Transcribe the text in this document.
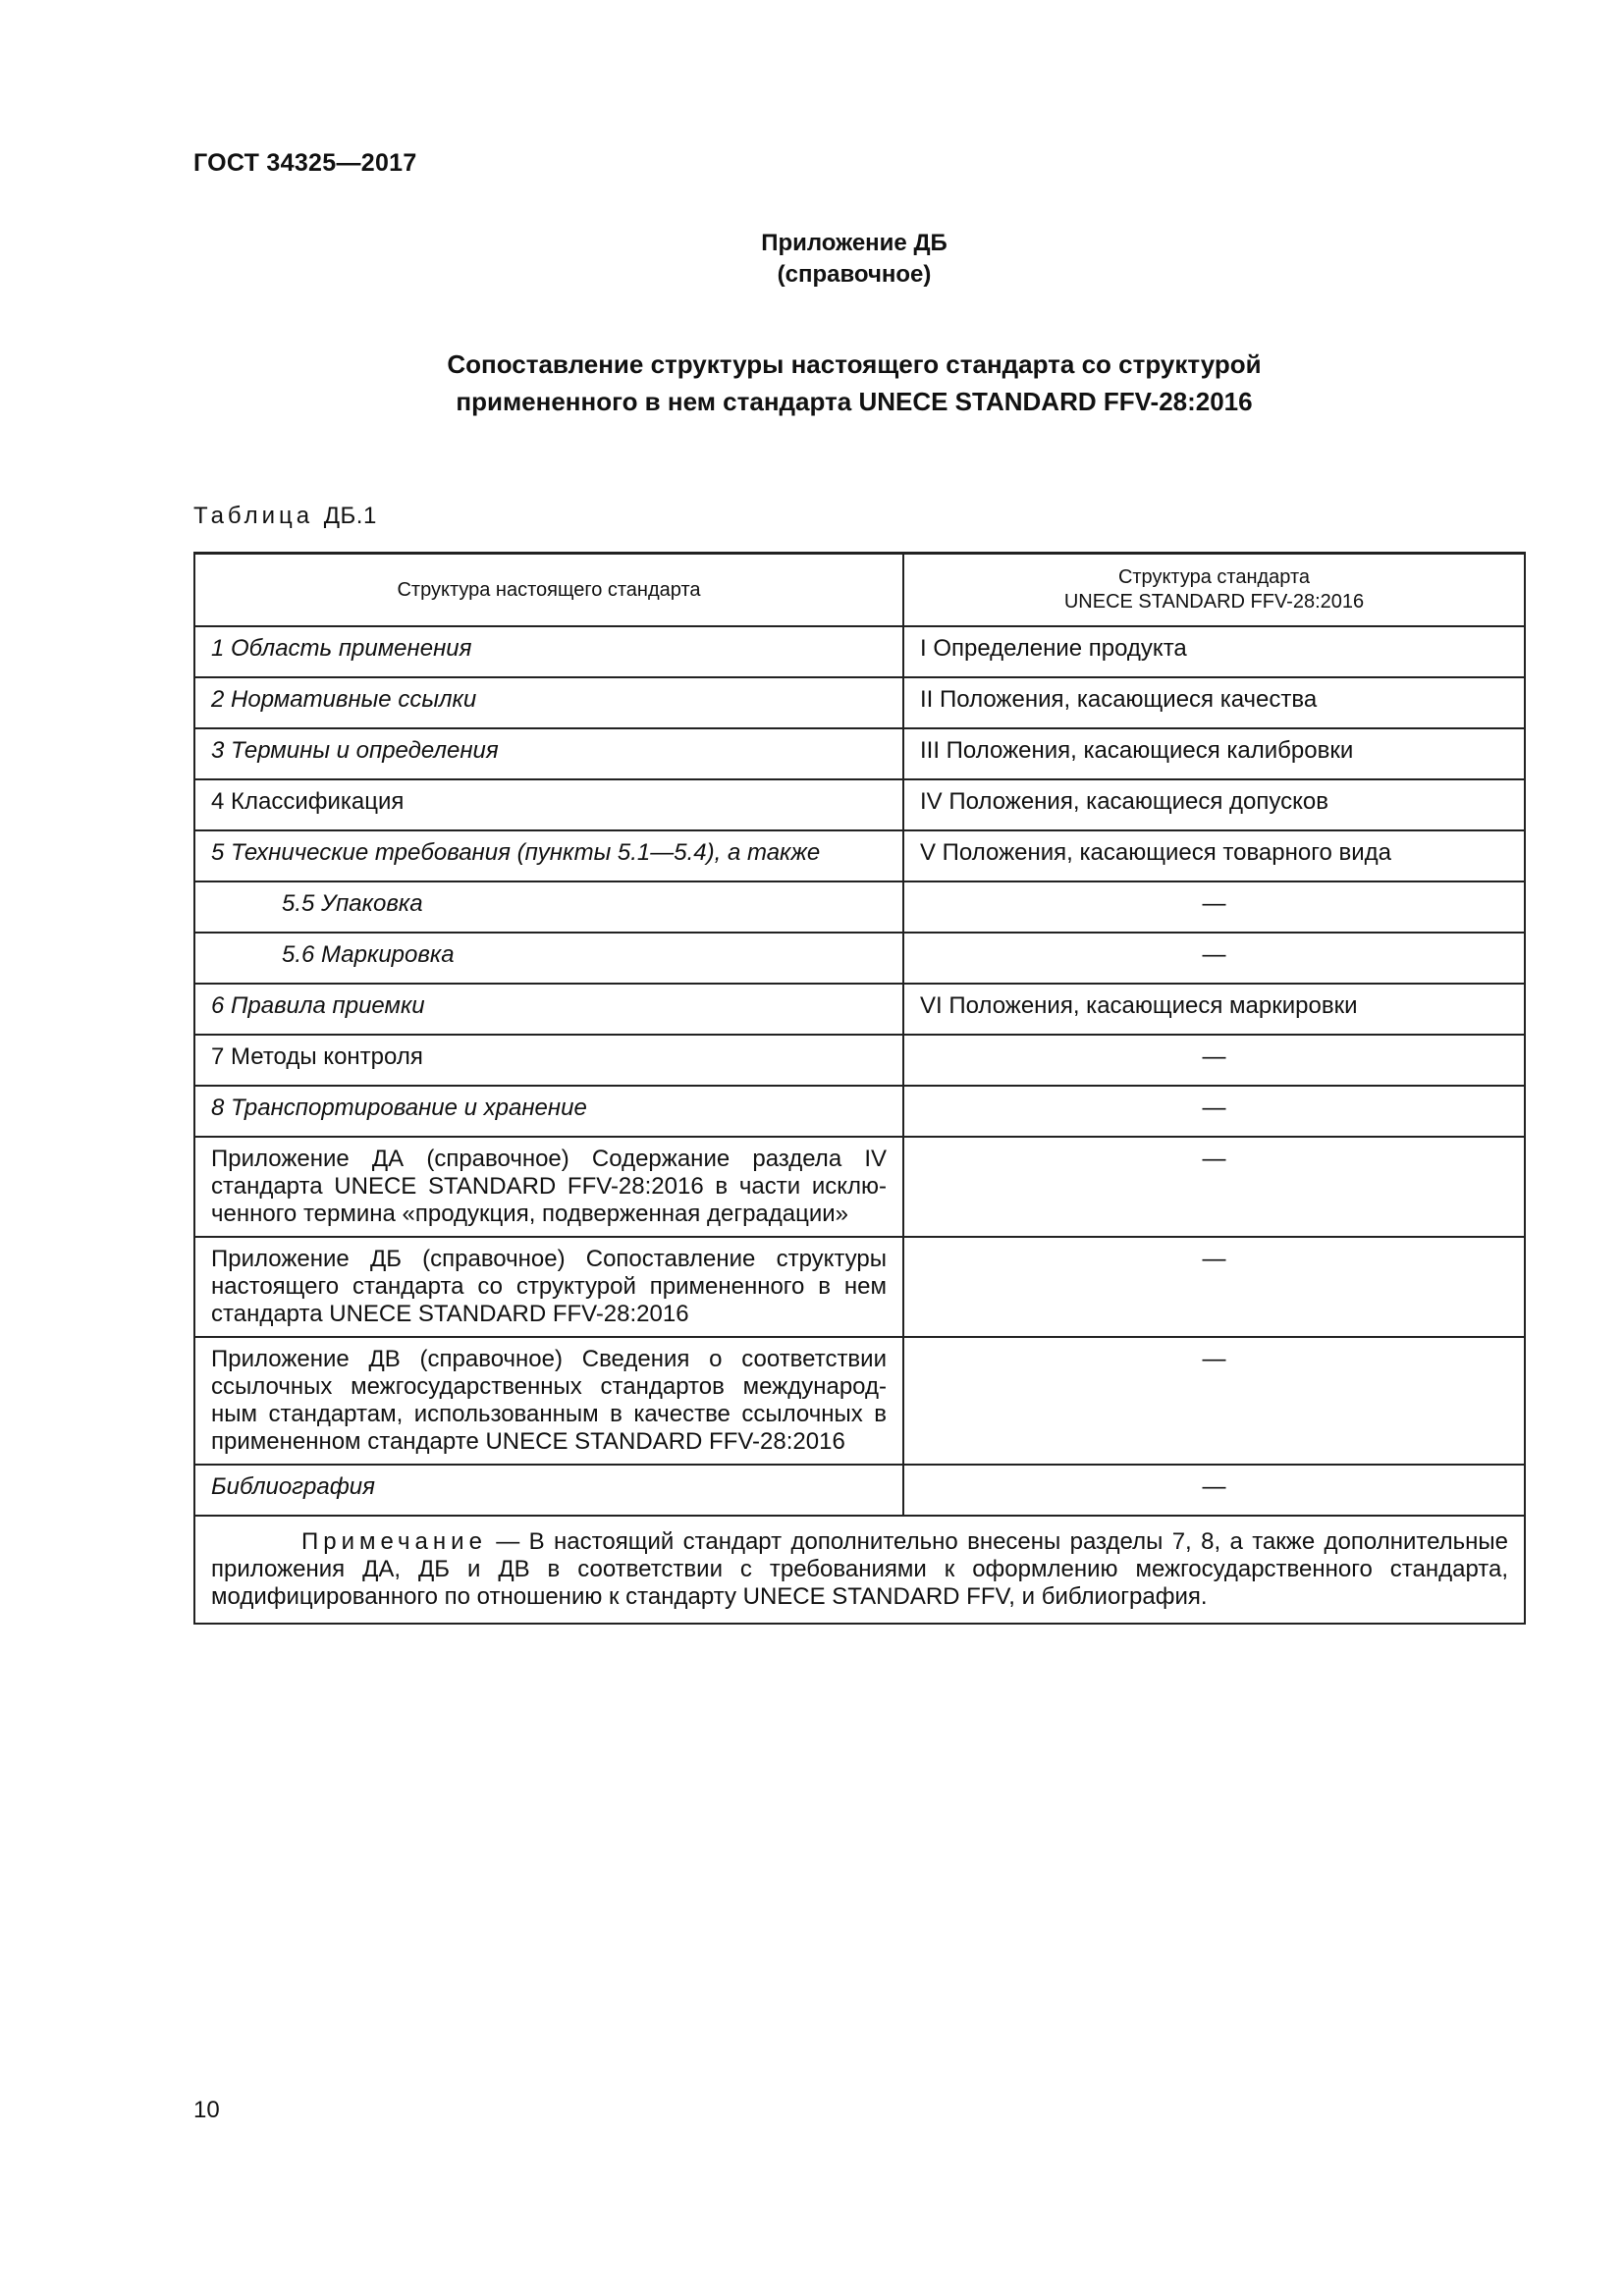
ГОСТ 34325—2017
Приложение ДБ
(справочное)
Сопоставление структуры настоящего стандарта со структурой
примененного в нем стандарта UNECE STANDARD FFV-28:2016
Таблица ДБ.1
Структура настоящего стандарта	Структура стандарта
UNECE STANDARD FFV-28:2016

1 Область применения	I Определение продукта
2 Нормативные ссылки	II Положения, касающиеся качества
3 Термины и определения	III Положения, касающиеся калибровки
4 Классификация	IV Положения, касающиеся допусков
5 Технические требования (пункты 5.1—5.4), а также	V Положения, касающиеся товарного вида
5.5 Упаковка	—
5.6 Маркировка	—
6 Правила приемки	VI Положения, касающиеся маркировки
7 Методы контроля	—
8 Транспортирование и хранение	—
Приложение ДА (справочное) Содержание раздела IV стандарта UNECE STANDARD FFV-28:2016 в части исключенного термина «продукция, подверженная деградации»	—
Приложение ДБ (справочное) Сопоставление структуры настоящего стандарта со структурой примененного в нем стандарта UNECE STANDARD FFV-28:2016	—
Приложение ДВ (справочное) Сведения о соответствии ссылочных межгосударственных стандартов международным стандартам, использованным в качестве ссылочных в примененном стандарте UNECE STANDARD FFV-28:2016	—
Библиография	—
Примечание — В настоящий стандарт дополнительно внесены разделы 7, 8, а также дополнительные приложения ДА, ДБ и ДВ в соответствии с требованиями к оформлению межгосударственного стандарта, модифицированного по отношению к стандарту UNECE STANDARD FFV, и библиография.	
10
